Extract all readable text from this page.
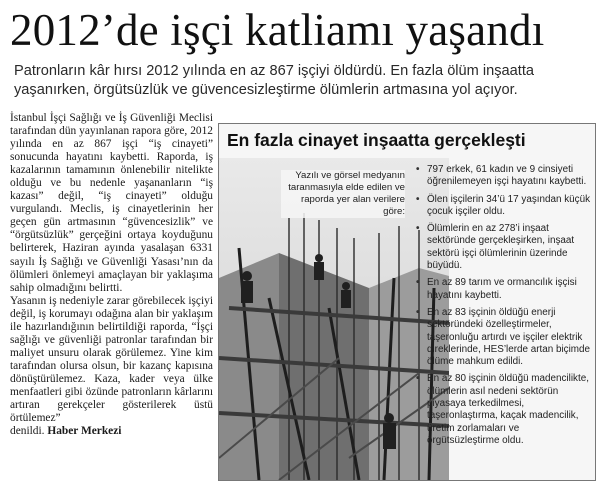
2012’de işçi katliamı yaşandı
Patronların kâr hırsı 2012 yılında en az 867 işçiyi öldürdü. En fazla ölüm inşaatta yaşanırken, örgütsüzlük ve güvencesizleştirme ölümlerin artmasına yol açıyor.

İstanbul İşçi Sağlığı ve İş Güvenliği Meclisi tarafından dün yayınlanan rapora göre, 2012 yılında en az 867 işçi “iş cinayeti” sonucunda hayatını kaybetti. Raporda, iş kazalarının tamamının önlenebilir nitelikte olduğu ve bu nedenle yaşananların “iş kazası” değil, “iş cinayeti” olduğu vurgulandı. Meclis, iş cinayetlerinin her geçen gün artmasının “güvencesizlik” ve “örgütsüzlük” gerçeğini ortaya koyduğunu belirterek, Haziran ayında yasalaşan 6331 sayılı İş Sağlığı ve Güvenliği Yasası’nın da ölümleri önlemeyi amaçlayan bir yaklaşıma sahip olmadığını belirtti.

Yasanın iş nedeniyle zarar görebilecek işçiyi değil, iş korumayı odağına alan bir yaklaşım ile hazırlandığının belirtildiği raporda, “İşçi sağlığı ve güvenliği patronlar tarafından bir maliyet unsuru olarak görülemez. Yine kim tarafından olursa olsun, bir kazanç kapısına dönüştürülemez. Kaza, kader veya ülke menfaatleri gibi özünde patronların kârlarını artıran gerekçeler gösterilerek üstü örtülemez”

denildi. Haber Merkezi

En fazla cinayet inşaatta gerçekleşti
Yazılı ve görsel medyanın taranmasıyla elde edilen ve raporda yer alan verilere göre:
• 797 erkek, 61 kadın ve 9 cinsiyeti öğrenilemeyen işçi hayatını kaybetti.
• Ölen işçilerin 34’ü 17 yaşından küçük çocuk işçiler oldu.
• Ölümlerin en az 278’i inşaat sektöründe gerçekleşirken, inşaat sektörü işçi ölümlerinin üzerinde büyüdü.
• En az 89 tarım ve ormancılık işçisi hayatını kaybetti.
• En az 83 işçinin öldüğü enerji sektöründeki özelleştirmeler, taşeronluğu artırdı ve işçiler elektrik direklerinde, HES’lerde artan biçimde ölüme mahkum edildi.
• En az 80 işçinin öldüğü madencilikte, ölümlerin asıl nedeni sektörün piyasaya terkedilmesi, taşeronlaştırma, kaçak madencilik, üretim zorlamaları ve örgütsüzleştirme oldu.
